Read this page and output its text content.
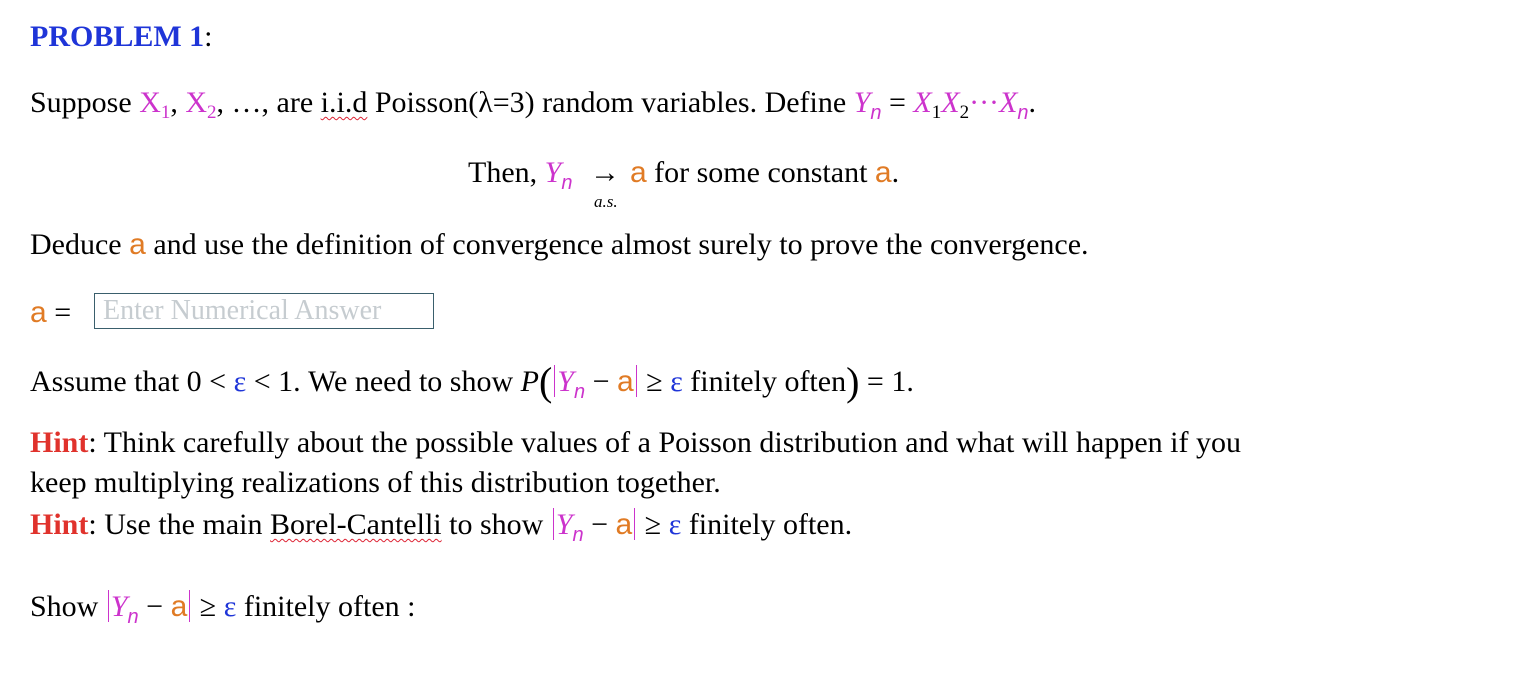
PROBLEM 1:
Suppose $X_1$, $X_2$, …, are i.i.d Poisson(λ=3) random variables. Define $Y_n = X_1X_2\cdot\cdot\cdot X_n$.
Then, $Y_n$ →
a.s.
a for some constant a.
Deduce a and use the definition of convergence almost surely to prove the convergence.
a =
Enter Numerical Answer
Assume that 0 < ε < 1. We need to show P( $Y_n - a \ge \varepsilon$ finitely often) = 1.
Hint: Think carefully about the possible values of a Poisson distribution and what will happen if you
keep multiplying realizations of this distribution together.
Hint: Use the main Borel-Cantelli to show $Y_n - a \ge \varepsilon$ finitely often.
Show $Y_n - a \ge \varepsilon$ finitely often :
